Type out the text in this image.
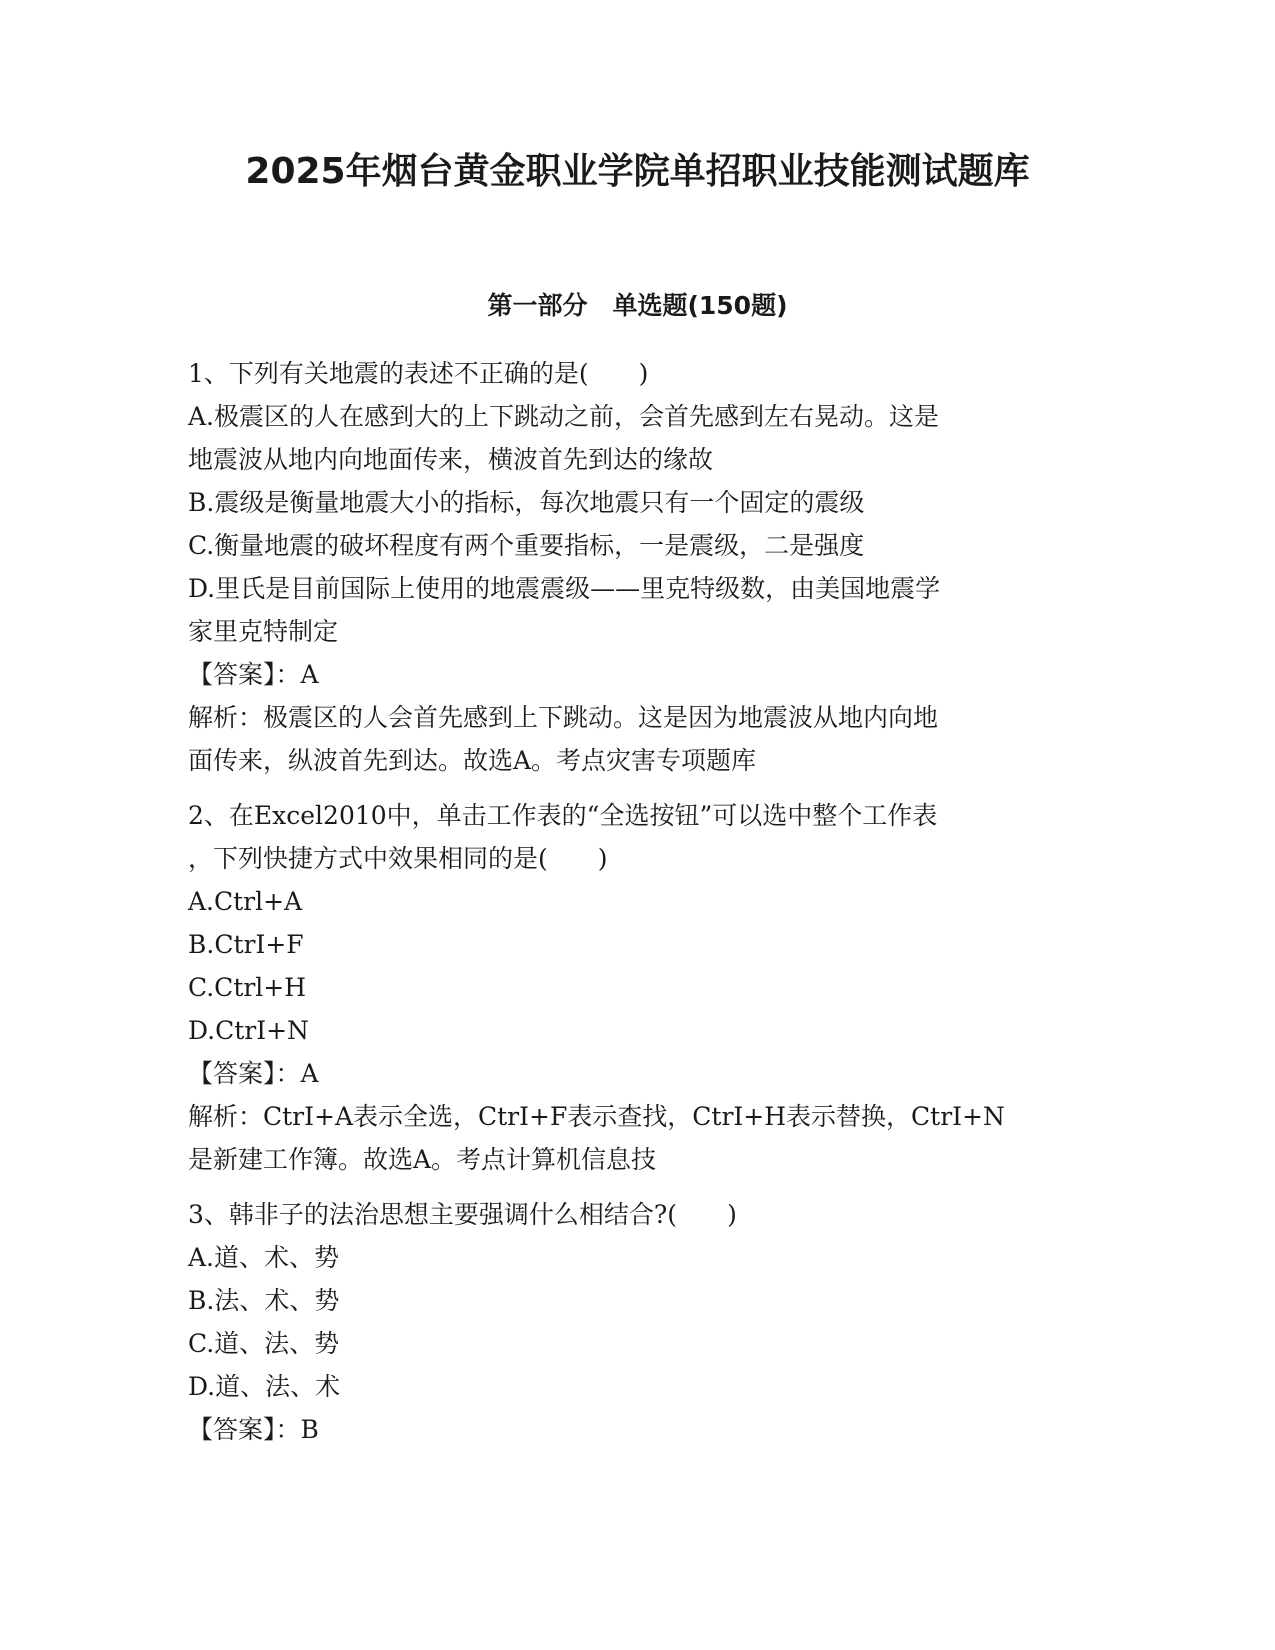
2025年烟台黄金职业学院单招职业技能测试题库
第一部分　单选题(150题)
1、下列有关地震的表述不正确的是(　　)
A.极震区的人在感到大的上下跳动之前，会首先感到左右晃动。这是
地震波从地内向地面传来，横波首先到达的缘故
B.震级是衡量地震大小的指标，每次地震只有一个固定的震级
C.衡量地震的破坏程度有两个重要指标，一是震级，二是强度
D.里氏是目前国际上使用的地震震级——里克特级数，由美国地震学
家里克特制定
【答案】：A
解析：极震区的人会首先感到上下跳动。这是因为地震波从地内向地
面传来，纵波首先到达。故选A。考点灾害专项题库
2、在Excel2010中，单击工作表的“全选按钮”可以选中整个工作表
，下列快捷方式中效果相同的是(　　)
A.Ctrl+A
B.CtrI+F
C.Ctrl+H
D.CtrI+N
【答案】：A
解析：CtrI+A表示全选，CtrI+F表示查找，CtrI+H表示替换，CtrI+N
是新建工作簿。故选A。考点计算机信息技
3、韩非子的法治思想主要强调什么相结合?(　　)
A.道、术、势
B.法、术、势
C.道、法、势
D.道、法、术
【答案】：B
